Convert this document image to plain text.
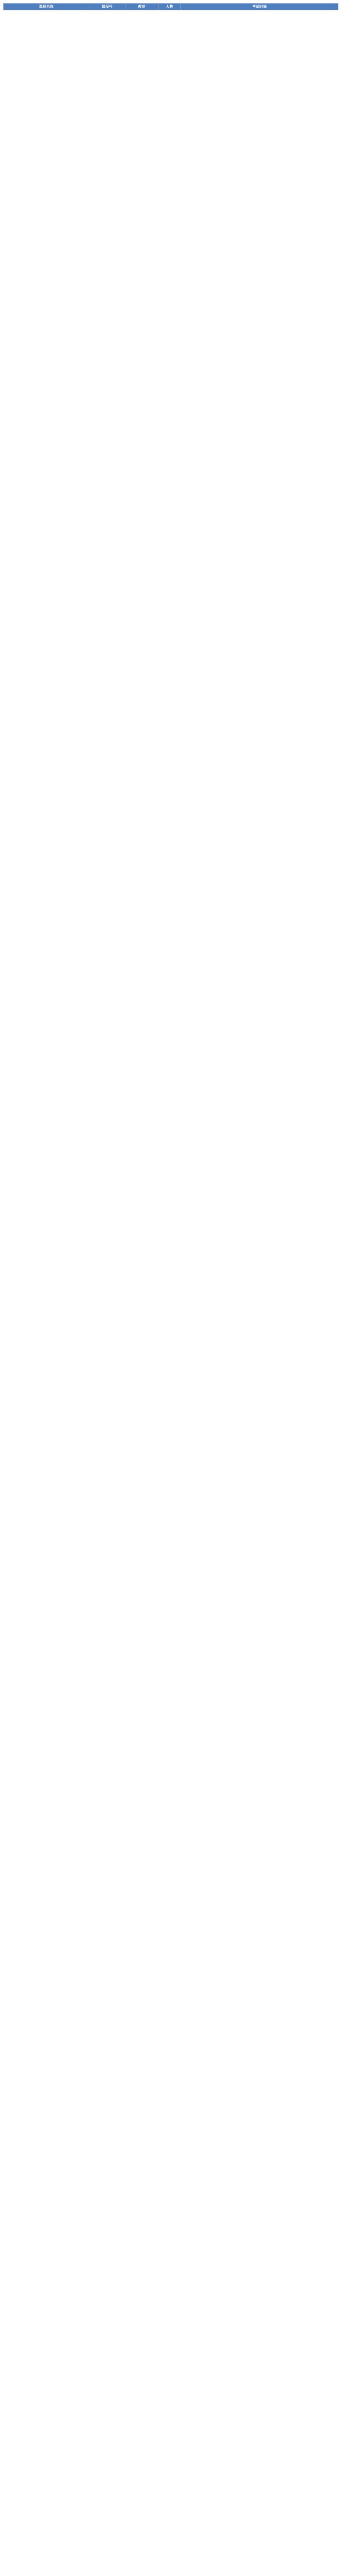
课程名称	课程号	教室	人数	考试时间
